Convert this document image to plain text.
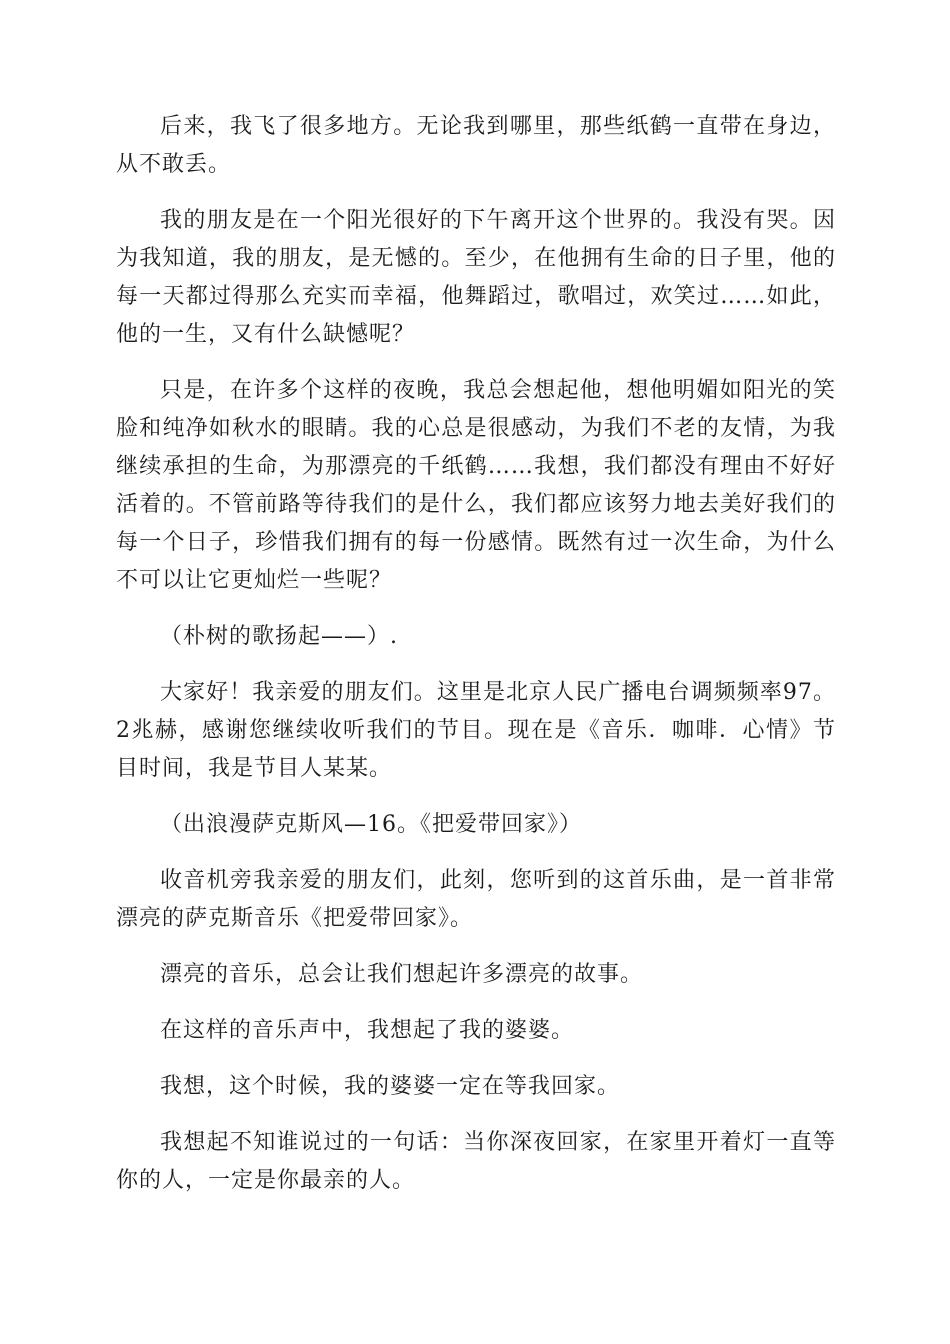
后来，我飞了很多地方。无论我到哪里，那些纸鹤一直带在身边，从不敢丢。

我的朋友是在一个阳光很好的下午离开这个世界的。我没有哭。因为我知道，我的朋友，是无憾的。至少，在他拥有生命的日子里，他的每一天都过得那么充实而幸福，他舞蹈过，歌唱过，欢笑过……如此，他的一生，又有什么缺憾呢？

只是，在许多个这样的夜晚，我总会想起他，想他明媚如阳光的笑脸和纯净如秋水的眼睛。我的心总是很感动，为我们不老的友情，为我继续承担的生命，为那漂亮的千纸鹤……我想，我们都没有理由不好好活着的。不管前路等待我们的是什么，我们都应该努力地去美好我们的每一个日子，珍惜我们拥有的每一份感情。既然有过一次生命，为什么不可以让它更灿烂一些呢？

（朴树的歌扬起——）.

大家好！我亲爱的朋友们。这里是北京人民广播电台调频频率97。2兆赫，感谢您继续收听我们的节目。现在是《音乐．咖啡．心情》节目时间，我是节目人某某。

（出浪漫萨克斯风—16。《把爱带回家》）

收音机旁我亲爱的朋友们，此刻，您听到的这首乐曲，是一首非常漂亮的萨克斯音乐《把爱带回家》。

漂亮的音乐，总会让我们想起许多漂亮的故事。

在这样的音乐声中，我想起了我的婆婆。

我想，这个时候，我的婆婆一定在等我回家。

我想起不知谁说过的一句话：当你深夜回家，在家里开着灯一直等你的人，一定是你最亲的人。
